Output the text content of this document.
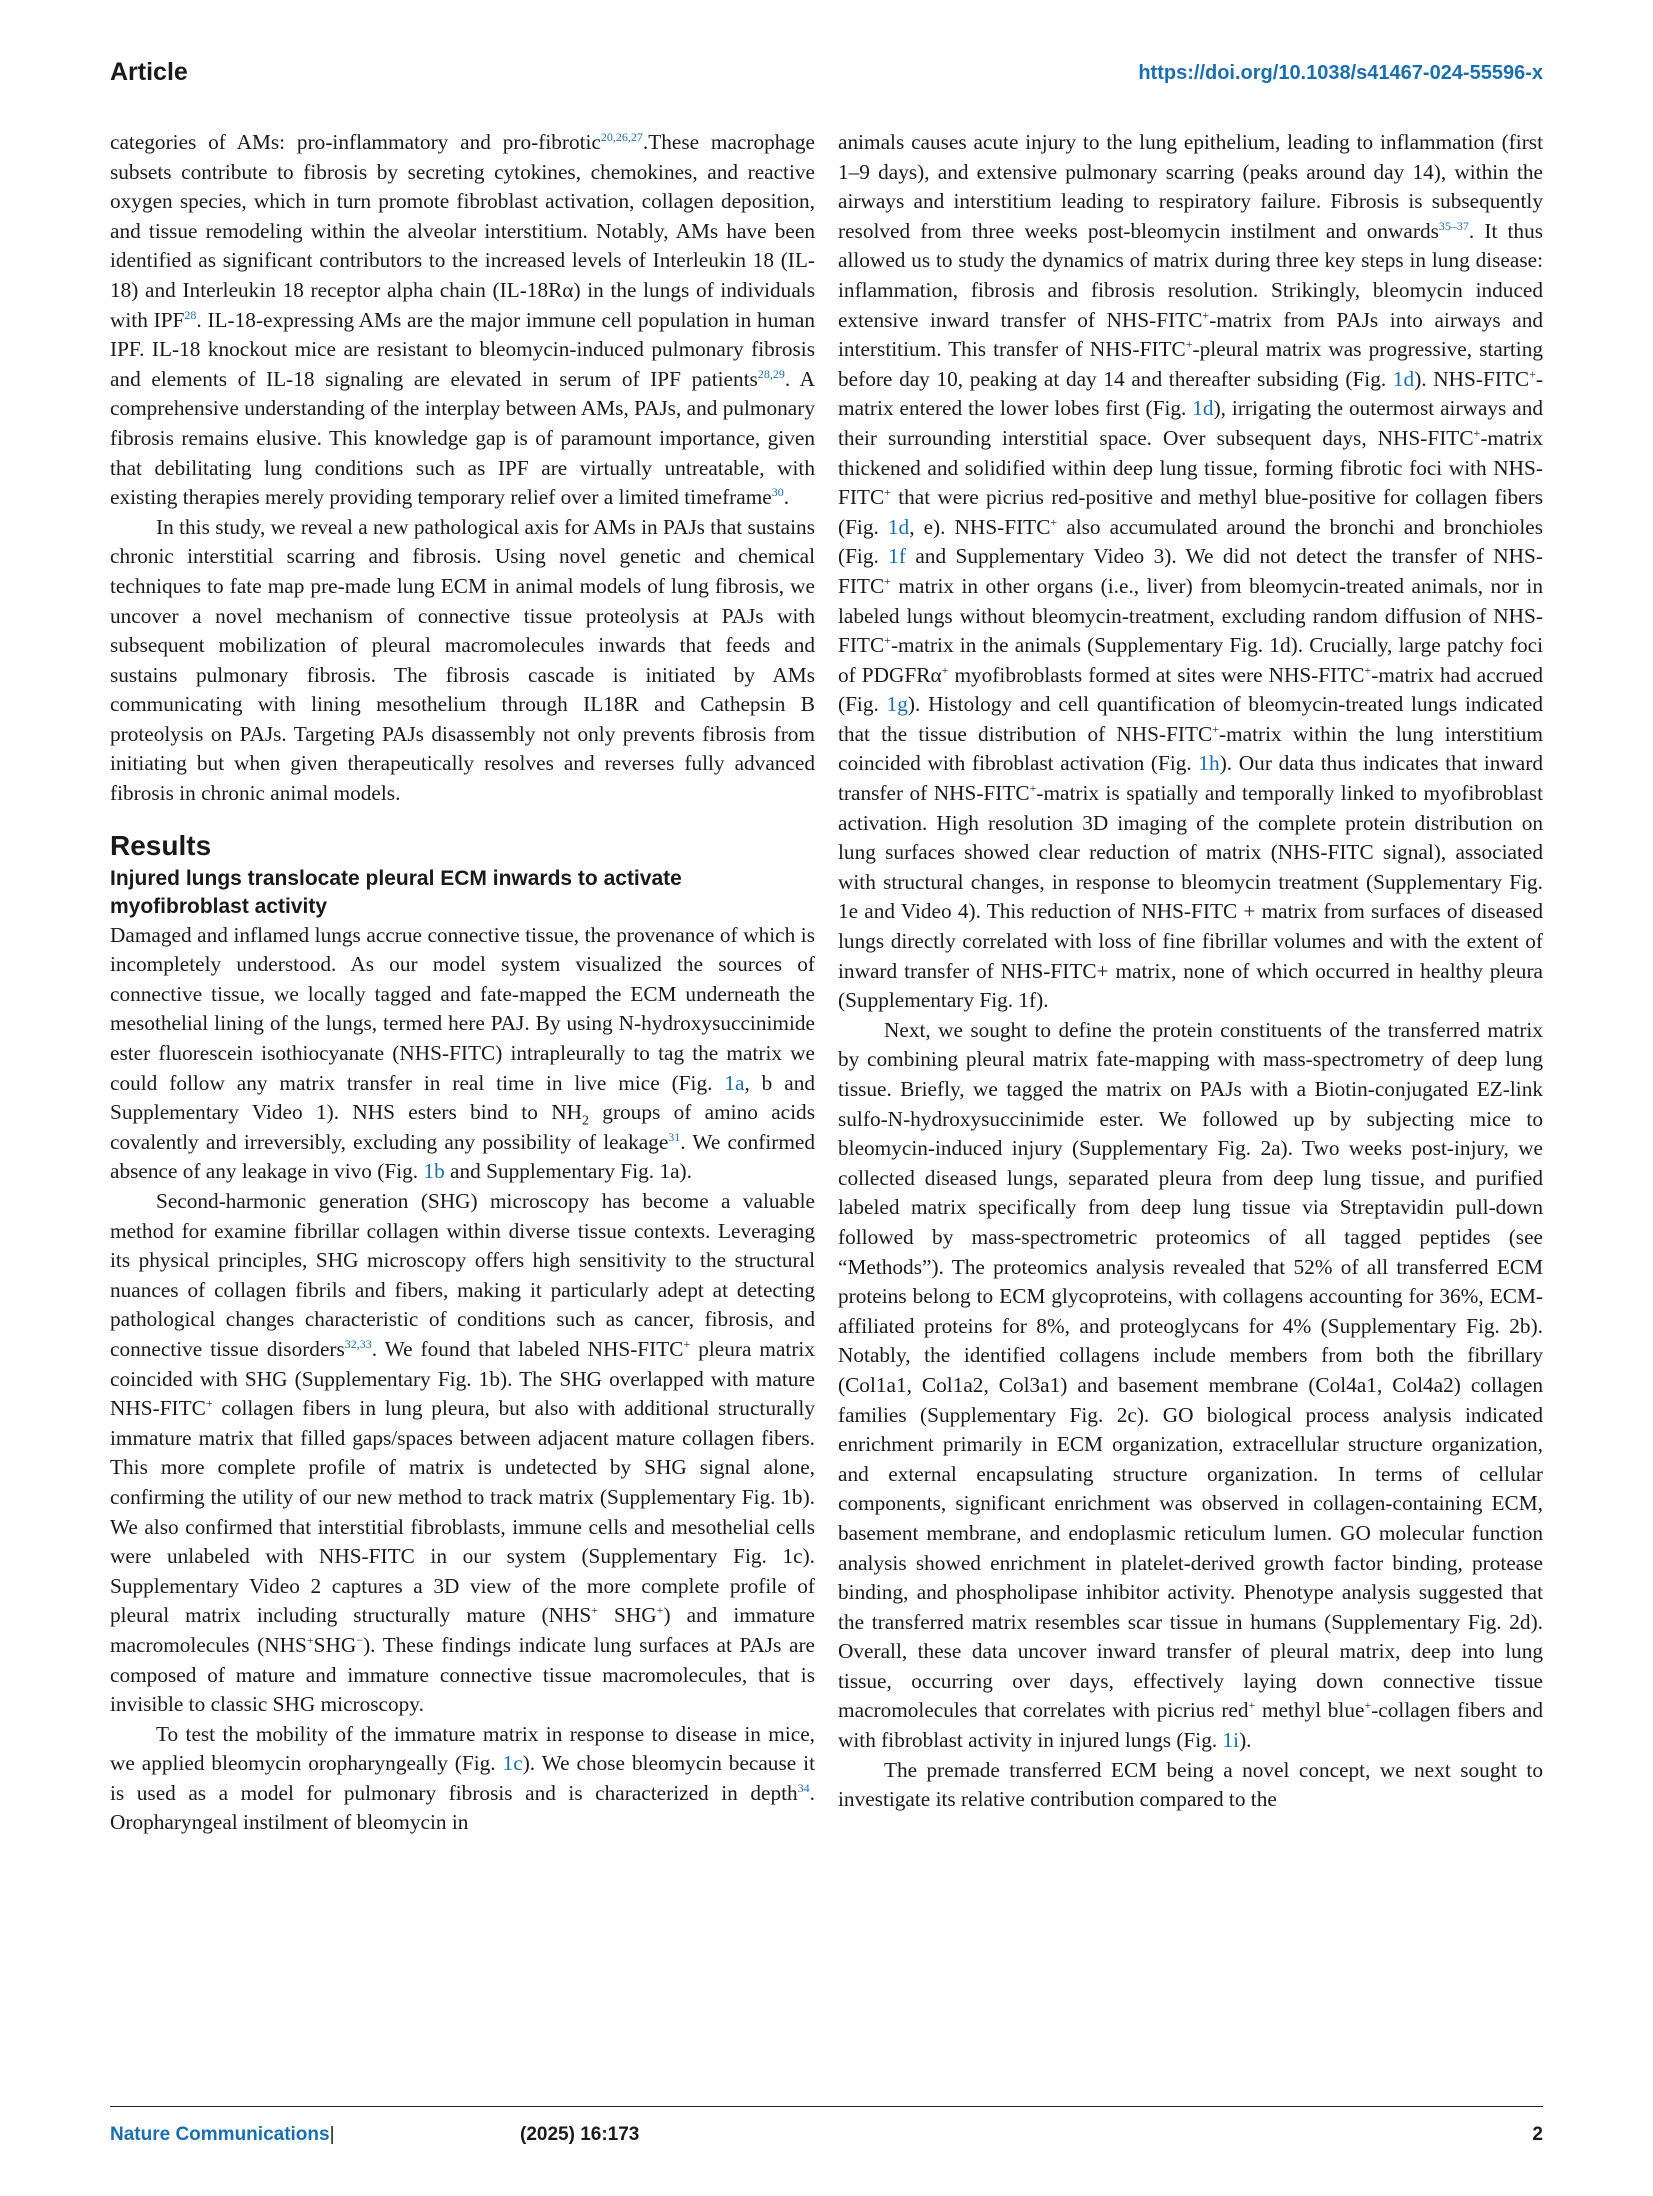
Article	https://doi.org/10.1038/s41467-024-55596-x

categories of AMs: pro-inflammatory and pro-fibrotic$^{20,26,27}$.These macrophage subsets contribute to fibrosis by secreting cytokines, chemokines, and reactive oxygen species, which in turn promote fibroblast activation, collagen deposition, and tissue remodeling within the alveolar interstitium. Notably, AMs have been identified as significant contributors to the increased levels of Interleukin 18 (IL-18) and Interleukin 18 receptor alpha chain (IL-18Rα) in the lungs of individuals with IPF$^{28}$. IL-18-expressing AMs are the major immune cell population in human IPF. IL-18 knockout mice are resistant to bleomycin-induced pulmonary fibrosis and elements of IL-18 signaling are elevated in serum of IPF patients$^{28,29}$. A comprehensive understanding of the interplay between AMs, PAJs, and pulmonary fibrosis remains elusive. This knowledge gap is of paramount importance, given that debilitating lung conditions such as IPF are virtually untreatable, with existing therapies merely providing temporary relief over a limited timeframe$^{30}$.

In this study, we reveal a new pathological axis for AMs in PAJs that sustains chronic interstitial scarring and fibrosis. Using novel genetic and chemical techniques to fate map pre-made lung ECM in animal models of lung fibrosis, we uncover a novel mechanism of connective tissue proteolysis at PAJs with subsequent mobilization of pleural macromolecules inwards that feeds and sustains pulmonary fibrosis. The fibrosis cascade is initiated by AMs communicating with lining mesothelium through IL18R and Cathepsin B proteolysis on PAJs. Targeting PAJs disassembly not only prevents fibrosis from initiating but when given therapeutically resolves and reverses fully advanced fibrosis in chronic animal models.

Results
Injured lungs translocate pleural ECM inwards to activate myofibroblast activity

Damaged and inflamed lungs accrue connective tissue, the provenance of which is incompletely understood. As our model system visualized the sources of connective tissue, we locally tagged and fate-mapped the ECM underneath the mesothelial lining of the lungs, termed here PAJ. By using N-hydroxysuccinimide ester fluorescein isothiocyanate (NHS-FITC) intrapleurally to tag the matrix we could follow any matrix transfer in real time in live mice (Fig. 1a, b and Supplementary Video 1). NHS esters bind to $NH_2$ groups of amino acids covalently and irreversibly, excluding any possibility of leakage$^{31}$. We confirmed absence of any leakage in vivo (Fig. 1b and Supplementary Fig. 1a).

Second-harmonic generation (SHG) microscopy has become a valuable method for examine fibrillar collagen within diverse tissue contexts. Leveraging its physical principles, SHG microscopy offers high sensitivity to the structural nuances of collagen fibrils and fibers, making it particularly adept at detecting pathological changes characteristic of conditions such as cancer, fibrosis, and connective tissue disorders$^{32,33}$. We found that labeled NHS-FITC+ pleura matrix coincided with SHG (Supplementary Fig. 1b). The SHG overlapped with mature NHS-FITC+ collagen fibers in lung pleura, but also with additional structurally immature matrix that filled gaps/spaces between adjacent mature collagen fibers. This more complete profile of matrix is undetected by SHG signal alone, confirming the utility of our new method to track matrix (Supplementary Fig. 1b). We also confirmed that interstitial fibroblasts, immune cells and mesothelial cells were unlabeled with NHS-FITC in our system (Supplementary Fig. 1c). Supplementary Video 2 captures a 3D view of the more complete profile of pleural matrix including structurally mature (NHS+ SHG+) and immature macromolecules (NHS+SHG−). These findings indicate lung surfaces at PAJs are composed of mature and immature connective tissue macromolecules, that is invisible to classic SHG microscopy.

To test the mobility of the immature matrix in response to disease in mice, we applied bleomycin oropharyngeally (Fig. 1c). We chose bleomycin because it is used as a model for pulmonary fibrosis and is characterized in depth$^{34}$. Oropharyngeal instilment of bleomycin in

animals causes acute injury to the lung epithelium, leading to inflammation (first 1–9 days), and extensive pulmonary scarring (peaks around day 14), within the airways and interstitium leading to respiratory failure. Fibrosis is subsequently resolved from three weeks post-bleomycin instilment and onwards$^{35-37}$. It thus allowed us to study the dynamics of matrix during three key steps in lung disease: inflammation, fibrosis and fibrosis resolution. Strikingly, bleomycin induced extensive inward transfer of NHS-FITC+-matrix from PAJs into airways and interstitium. This transfer of NHS-FITC+-pleural matrix was progressive, starting before day 10, peaking at day 14 and thereafter subsiding (Fig. 1d). NHS-FITC+-matrix entered the lower lobes first (Fig. 1d), irrigating the outermost airways and their surrounding interstitial space. Over subsequent days, NHS-FITC+-matrix thickened and solidified within deep lung tissue, forming fibrotic foci with NHS-FITC+ that were picrius red-positive and methyl blue-positive for collagen fibers (Fig. 1d, e). NHS-FITC+ also accumulated around the bronchi and bronchioles (Fig. 1f and Supplementary Video 3). We did not detect the transfer of NHS-FITC+ matrix in other organs (i.e., liver) from bleomycin-treated animals, nor in labeled lungs without bleomycin-treatment, excluding random diffusion of NHS-FITC+-matrix in the animals (Supplementary Fig. 1d). Crucially, large patchy foci of PDGFRα+ myofibroblasts formed at sites were NHS-FITC+-matrix had accrued (Fig. 1g). Histology and cell quantification of bleomycin-treated lungs indicated that the tissue distribution of NHS-FITC+-matrix within the lung interstitium coincided with fibroblast activation (Fig. 1h). Our data thus indicates that inward transfer of NHS-FITC+-matrix is spatially and temporally linked to myofibroblast activation. High resolution 3D imaging of the complete protein distribution on lung surfaces showed clear reduction of matrix (NHS-FITC signal), associated with structural changes, in response to bleomycin treatment (Supplementary Fig. 1e and Video 4). This reduction of NHS-FITC + matrix from surfaces of diseased lungs directly correlated with loss of fine fibrillar volumes and with the extent of inward transfer of NHS-FITC+ matrix, none of which occurred in healthy pleura (Supplementary Fig. 1f).

Next, we sought to define the protein constituents of the transferred matrix by combining pleural matrix fate-mapping with mass-spectrometry of deep lung tissue. Briefly, we tagged the matrix on PAJs with a Biotin-conjugated EZ-link sulfo-N-hydroxysuccinimide ester. We followed up by subjecting mice to bleomycin-induced injury (Supplementary Fig. 2a). Two weeks post-injury, we collected diseased lungs, separated pleura from deep lung tissue, and purified labeled matrix specifically from deep lung tissue via Streptavidin pull-down followed by mass-spectrometric proteomics of all tagged peptides (see “Methods”). The proteomics analysis revealed that 52% of all transferred ECM proteins belong to ECM glycoproteins, with collagens accounting for 36%, ECM-affiliated proteins for 8%, and proteoglycans for 4% (Supplementary Fig. 2b). Notably, the identified collagens include members from both the fibrillary (Col1a1, Col1a2, Col3a1) and basement membrane (Col4a1, Col4a2) collagen families (Supplementary Fig. 2c). GO biological process analysis indicated enrichment primarily in ECM organization, extracellular structure organization, and external encapsulating structure organization. In terms of cellular components, significant enrichment was observed in collagen-containing ECM, basement membrane, and endoplasmic reticulum lumen. GO molecular function analysis showed enrichment in platelet-derived growth factor binding, protease binding, and phospholipase inhibitor activity. Phenotype analysis suggested that the transferred matrix resembles scar tissue in humans (Supplementary Fig. 2d). Overall, these data uncover inward transfer of pleural matrix, deep into lung tissue, occurring over days, effectively laying down connective tissue macromolecules that correlates with picrius red+ methyl blue+-collagen fibers and with fibroblast activity in injured lungs (Fig. 1i).

The premade transferred ECM being a novel concept, we next sought to investigate its relative contribution compared to the

Nature Communications|	(2025) 16:173	2
